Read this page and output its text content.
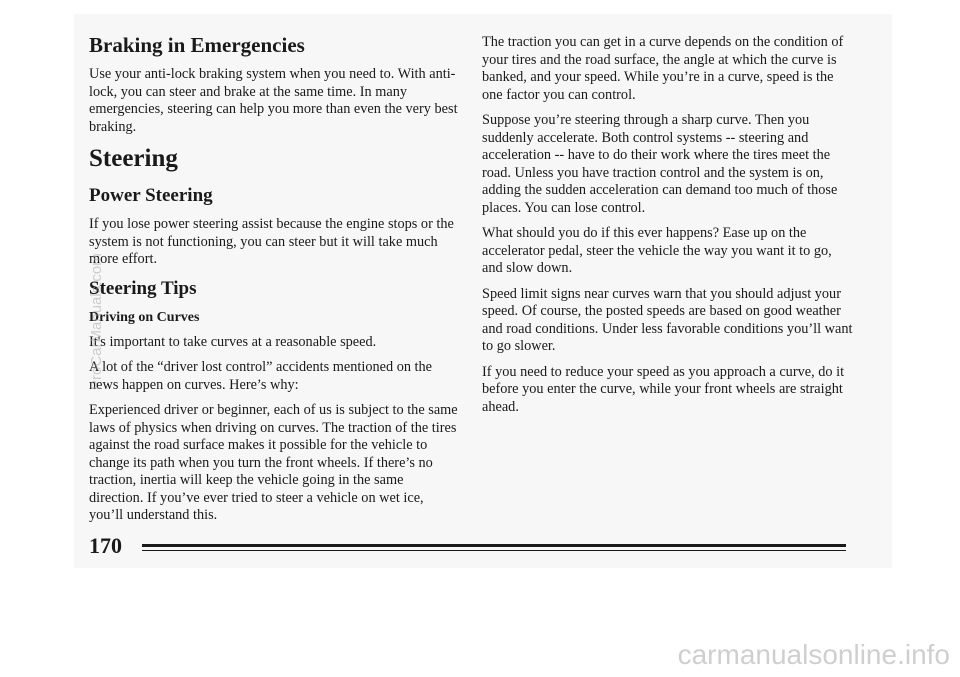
Braking in Emergencies

Use your anti-lock braking system when you need to. With anti-lock, you can steer and brake at the same time. In many emergencies, steering can help you more than even the very best braking.

Steering
Power Steering

If you lose power steering assist because the engine stops or the system is not functioning, you can steer but it will take much more effort.

Steering Tips
Driving on Curves

It's important to take curves at a reasonable speed.

A lot of the “driver lost control” accidents mentioned on the news happen on curves. Here’s why:

Experienced driver or beginner, each of us is subject to the same laws of physics when driving on curves. The traction of the tires against the road surface makes it possible for the vehicle to change its path when you turn the front wheels. If there’s no traction, inertia will keep the vehicle going in the same direction. If you’ve ever tried to steer a vehicle on wet ice, you’ll understand this.

The traction you can get in a curve depends on the condition of your tires and the road surface, the angle at which the curve is banked, and your speed. While you’re in a curve, speed is the one factor you can control.

Suppose you’re steering through a sharp curve. Then you suddenly accelerate. Both control systems -- steering and acceleration -- have to do their work where the tires meet the road. Unless you have traction control and the system is on, adding the sudden acceleration can demand too much of those places. You can lose control.

What should you do if this ever happens? Ease up on the accelerator pedal, steer the vehicle the way you want it to go, and slow down.

Speed limit signs near curves warn that you should adjust your speed. Of course, the posted speeds are based on good weather and road conditions. Under less favorable conditions you’ll want to go slower.

If you need to reduce your speed as you approach a curve, do it before you enter the curve, while your front wheels are straight ahead.

170
ProCarManuals.com
carmanualsonline.info
